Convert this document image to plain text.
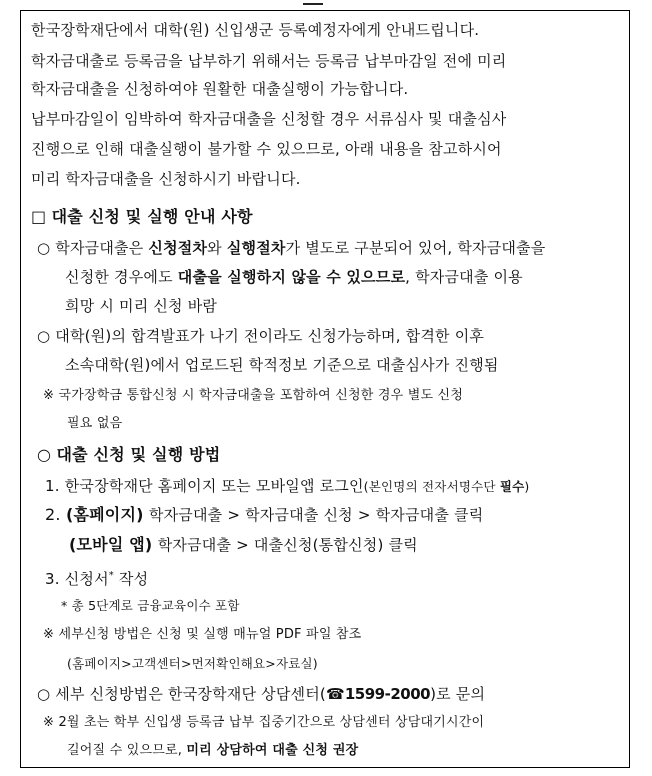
한국장학재단에서 대학(원) 신입생군 등록예정자에게 안내드립니다.
학자금대출로 등록금을 납부하기 위해서는 등록금 납부마감일 전에 미리
학자금대출을 신청하여야 원활한 대출실행이 가능합니다.
납부마감일이 임박하여 학자금대출을 신청할 경우 서류심사 및 대출심사
진행으로 인해 대출실행이 불가할 수 있으므로, 아래 내용을 참고하시어
미리 학자금대출을 신청하시기 바랍니다.
□ 대출 신청 및 실행 안내 사항
○ 학자금대출은 신청절차와 실행절차가 별도로 구분되어 있어, 학자금대출을
신청한 경우에도 대출을 실행하지 않을 수 있으므로, 학자금대출 이용
희망 시 미리 신청 바람
○ 대학(원)의 합격발표가 나기 전이라도 신청가능하며, 합격한 이후
소속대학(원)에서 업로드된 학적정보 기준으로 대출심사가 진행됨
※ 국가장학금 통합신청 시 학자금대출을 포함하여 신청한 경우 별도 신청
필요 없음
○ 대출 신청 및 실행 방법
1. 한국장학재단 홈페이지 또는 모바일앱 로그인(본인명의 전자서명수단 필수)
2. (홈페이지) 학자금대출 > 학자금대출 신청 > 학자금대출 클릭
(모바일 앱) 학자금대출 > 대출신청(통합신청) 클릭
3. 신청서* 작성
* 총 5단계로 금융교육이수 포함
※ 세부신청 방법은 신청 및 실행 매뉴얼 PDF 파일 참조
(홈페이지>고객센터>먼저확인해요>자료실)
○ 세부 신청방법은 한국장학재단 상담센터(☎1599-2000)로 문의
※ 2월 초는 학부 신입생 등록금 납부 집중기간으로 상담센터 상담대기시간이
길어질 수 있으므로, 미리 상담하여 대출 신청 권장
